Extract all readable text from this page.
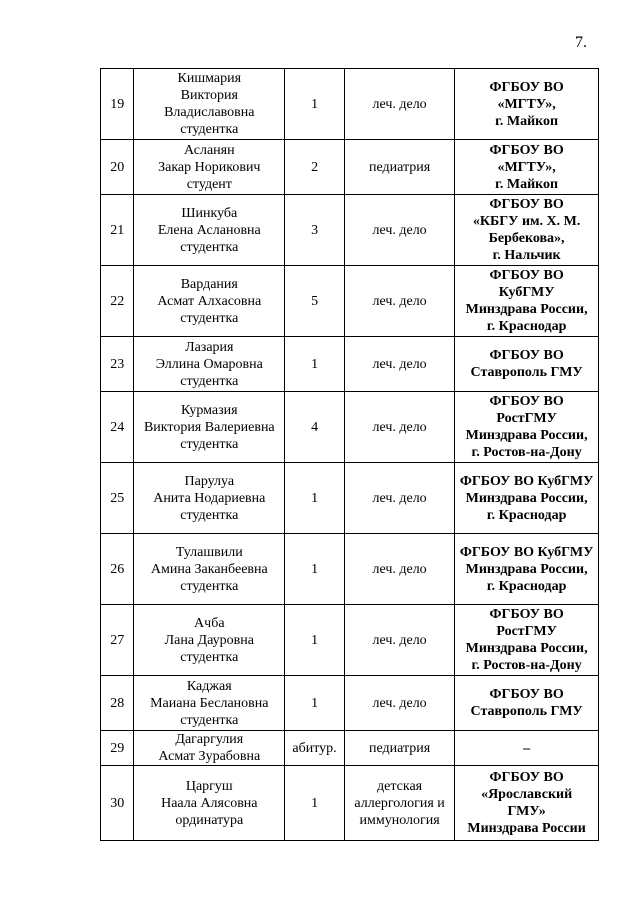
7.
19	Кишмария
Виктория
Владиславовна
студентка	1	леч. дело	ФГБОУ ВО
«МГТУ»,
г. Майкоп

20	Асланян
Закар Норикович
студент	2	педиатрия	ФГБОУ ВО
«МГТУ»,
г. Майкоп

21	Шинкуба
Елена Аслановна
студентка	3	леч. дело	ФГБОУ ВО
«КБГУ им. Х. М.
Бербекова»,
г. Нальчик

22	Вардания
Асмат Алхасовна
студентка	5	леч. дело	ФГБОУ ВО
КубГМУ
Минздрава России,
г. Краснодар

23	Лазария
Эллина Омаровна
студентка	1	леч. дело	ФГБОУ ВО
Ставрополь ГМУ

24	Курмазия
Виктория Валериевна
студентка	4	леч. дело	ФГБОУ ВО
РостГМУ
Минздрава России,
г. Ростов-на-Дону

25	Парулуа
Анита Нодариевна
студентка	1	леч. дело	ФГБОУ ВО КубГМУ
Минздрава России,
г. Краснодар

26	Тулашвили
Амина Заканбеевна
студентка	1	леч. дело	ФГБОУ ВО КубГМУ
Минздрава России,
г. Краснодар

27	Ачба
Лана Дауровна
студентка	1	леч. дело	ФГБОУ ВО
РостГМУ
Минздрава России,
г. Ростов-на-Дону

28	Каджая
Маиана Беслановна
студентка	1	леч. дело	ФГБОУ ВО
Ставрополь ГМУ

29	Дагаргулия
Асмат Зурабовна	абитур.	педиатрия	–

30	Царгуш
Наала Алясовна
ординатура	1	детская
аллергология и
иммунология	ФГБОУ ВО
«Ярославский
ГМУ»
Минздрава России
